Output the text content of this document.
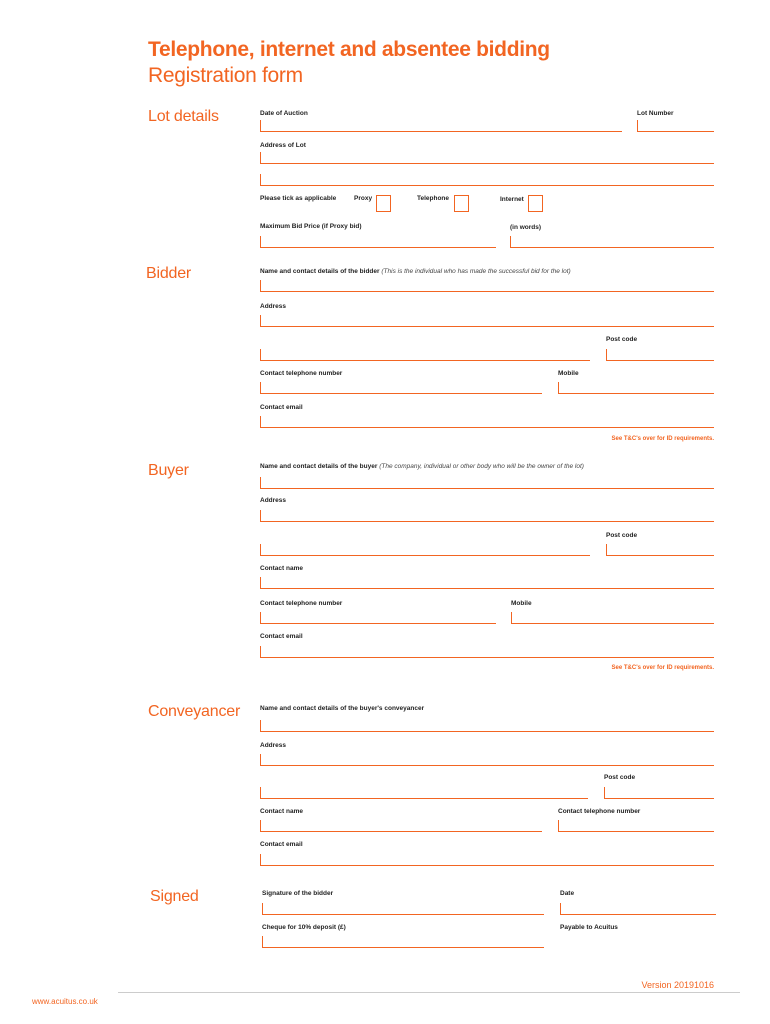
Telephone, internet and absentee bidding
Registration form
Lot details	Date of Auction	Lot Number
Address of Lot
Please tick as applicable	Proxy	Telephone	Internet
Maximum Bid Price (if Proxy bid)	(in words)
Bidder	Name and contact details of the bidder (This is the individual who has made the successful bid for the lot)
Address
Post code
Contact telephone number	Mobile
Contact email
See T&C's over for ID requirements.
Buyer	Name and contact details of the buyer (The company, individual or other body who will be the owner of the lot)
Address
Post code
Contact name
Contact telephone number	Mobile
Contact email
See T&C's over for ID requirements.
Conveyancer	Name and contact details of the buyer's conveyancer
Address
Post code
Contact name	Contact telephone number
Contact email
Signed	Signature of the bidder	Date
Cheque for 10% deposit (£)	Payable to Acuitus
Version 20191016
www.acuitus.co.uk
